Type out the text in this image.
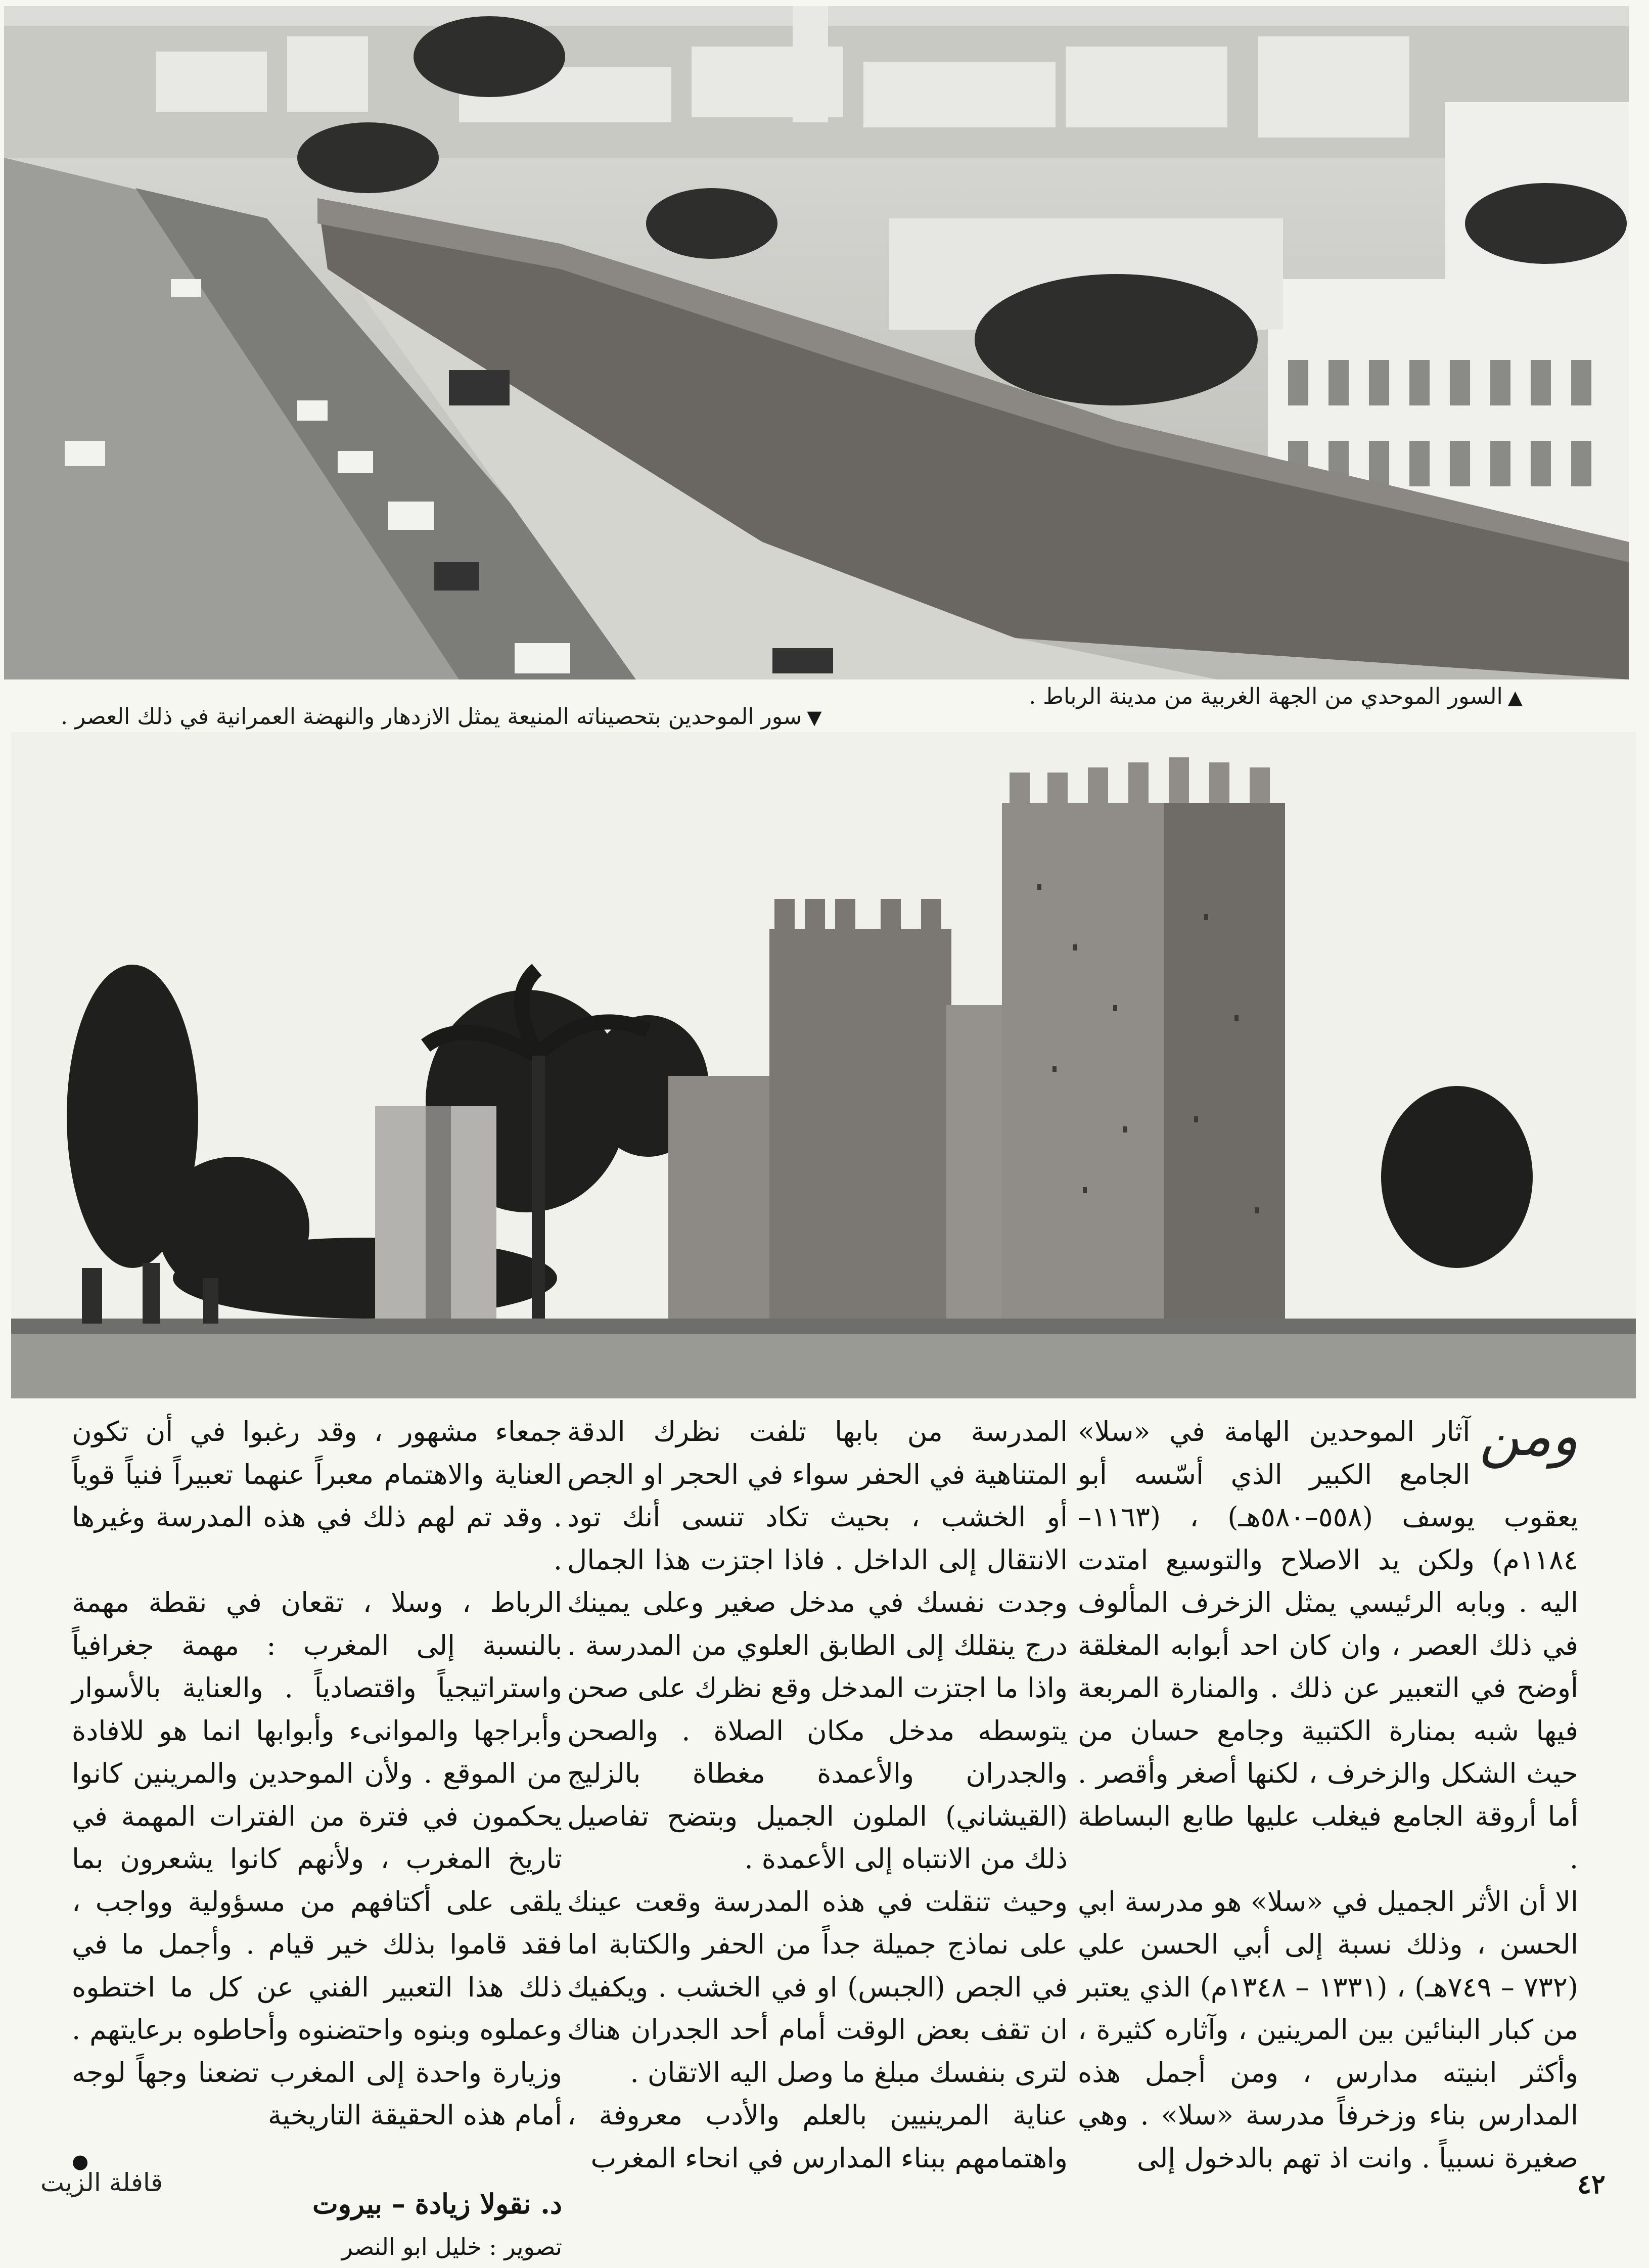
▲السور الموحدي من الجهة الغربية من مدينة الرباط .
▼سور الموحدين بتحصيناته المنيعة يمثل الازدهار والنهضة العمرانية في ذلك العصر .
ومن

آثار الموحدين الهامة في «سلا» الجامع الكبير الذي أسّسه أبو يعقوب يوسف (٥٥٨–٥٨٠هـ) ، (١١٦٣–١١٨٤م) ولكن يد الاصلاح والتوسيع امتدت اليه . وبابه الرئيسي يمثل الزخرف المألوف في ذلك العصر ، وان كان احد أبوابه المغلقة أوضح في التعبير عن ذلك . والمنارة المربعة فيها شبه بمنارة الكتبية وجامع حسان من حيث الشكل والزخرف ، لكنها أصغر وأقصر . أما أروقة الجامع فيغلب عليها طابع البساطة .

الا أن الأثر الجميل في «سلا» هو مدرسة ابي الحسن ، وذلك نسبة إلى أبي الحسن علي (٧٣٢ – ٧٤٩هـ) ، (١٣٣١ – ١٣٤٨م) الذي يعتبر من كبار البنائين بين المرينين ، وآثاره كثيرة ، وأكثر ابنيته مدارس ، ومن أجمل هذه المدارس بناء وزخرفاً مدرسة «سلا» . وهي صغيرة نسبياً . وانت اذ تهم بالدخول إلى

المدرسة من بابها تلفت نظرك الدقة المتناهية في الحفر سواء في الحجر او الجص أو الخشب ، بحيث تكاد تنسى أنك تود الانتقال إلى الداخل . فاذا اجتزت هذا الجمال وجدت نفسك في مدخل صغير وعلى يمينك درج ينقلك إلى الطابق العلوي من المدرسة . واذا ما اجتزت المدخل وقع نظرك على صحن يتوسطه مدخل مكان الصلاة . والصحن والجدران والأعمدة مغطاة بالزليج (القيشاني) الملون الجميل وبتضح تفاصيل ذلك من الانتباه إلى الأعمدة .

وحيث تنقلت في هذه المدرسة وقعت عينك على نماذج جميلة جداً من الحفر والكتابة اما في الجص (الجبس) او في الخشب . ويكفيك ان تقف بعض الوقت أمام أحد الجدران هناك لترى بنفسك مبلغ ما وصل اليه الاتقان .

عناية المرينيين بالعلم والأدب معروفة ، واهتمامهم ببناء المدارس في انحاء المغرب

جمعاء مشهور ، وقد رغبوا في أن تكون العناية والاهتمام معبراً عنهما تعبيراً فنياً قوياً . وقد تم لهم ذلك في هذه المدرسة وغيرها .

الرباط ، وسلا ، تقعان في نقطة مهمة بالنسبة إلى المغرب : مهمة جغرافياً واستراتيجياً واقتصادياً . والعناية بالأسوار وأبراجها والموانىء وأبوابها انما هو للافادة من الموقع . ولأن الموحدين والمرينين كانوا يحكمون في فترة من الفترات المهمة في تاريخ المغرب ، ولأنهم كانوا يشعرون بما يلقى على أكتافهم من مسؤولية وواجب ، فقد قاموا بذلك خير قيام . وأجمل ما في ذلك هذا التعبير الفني عن كل ما اختطوه وعملوه وبنوه واحتضنوه وأحاطوه برعايتهم . وزيارة واحدة إلى المغرب تضعنا وجهاً لوجه أمام هذه الحقيقة التاريخية

●

د. نقولا زيادة – بيروت

تصوير : خليل ابو النصر

٤٢
قافلة الزيت
